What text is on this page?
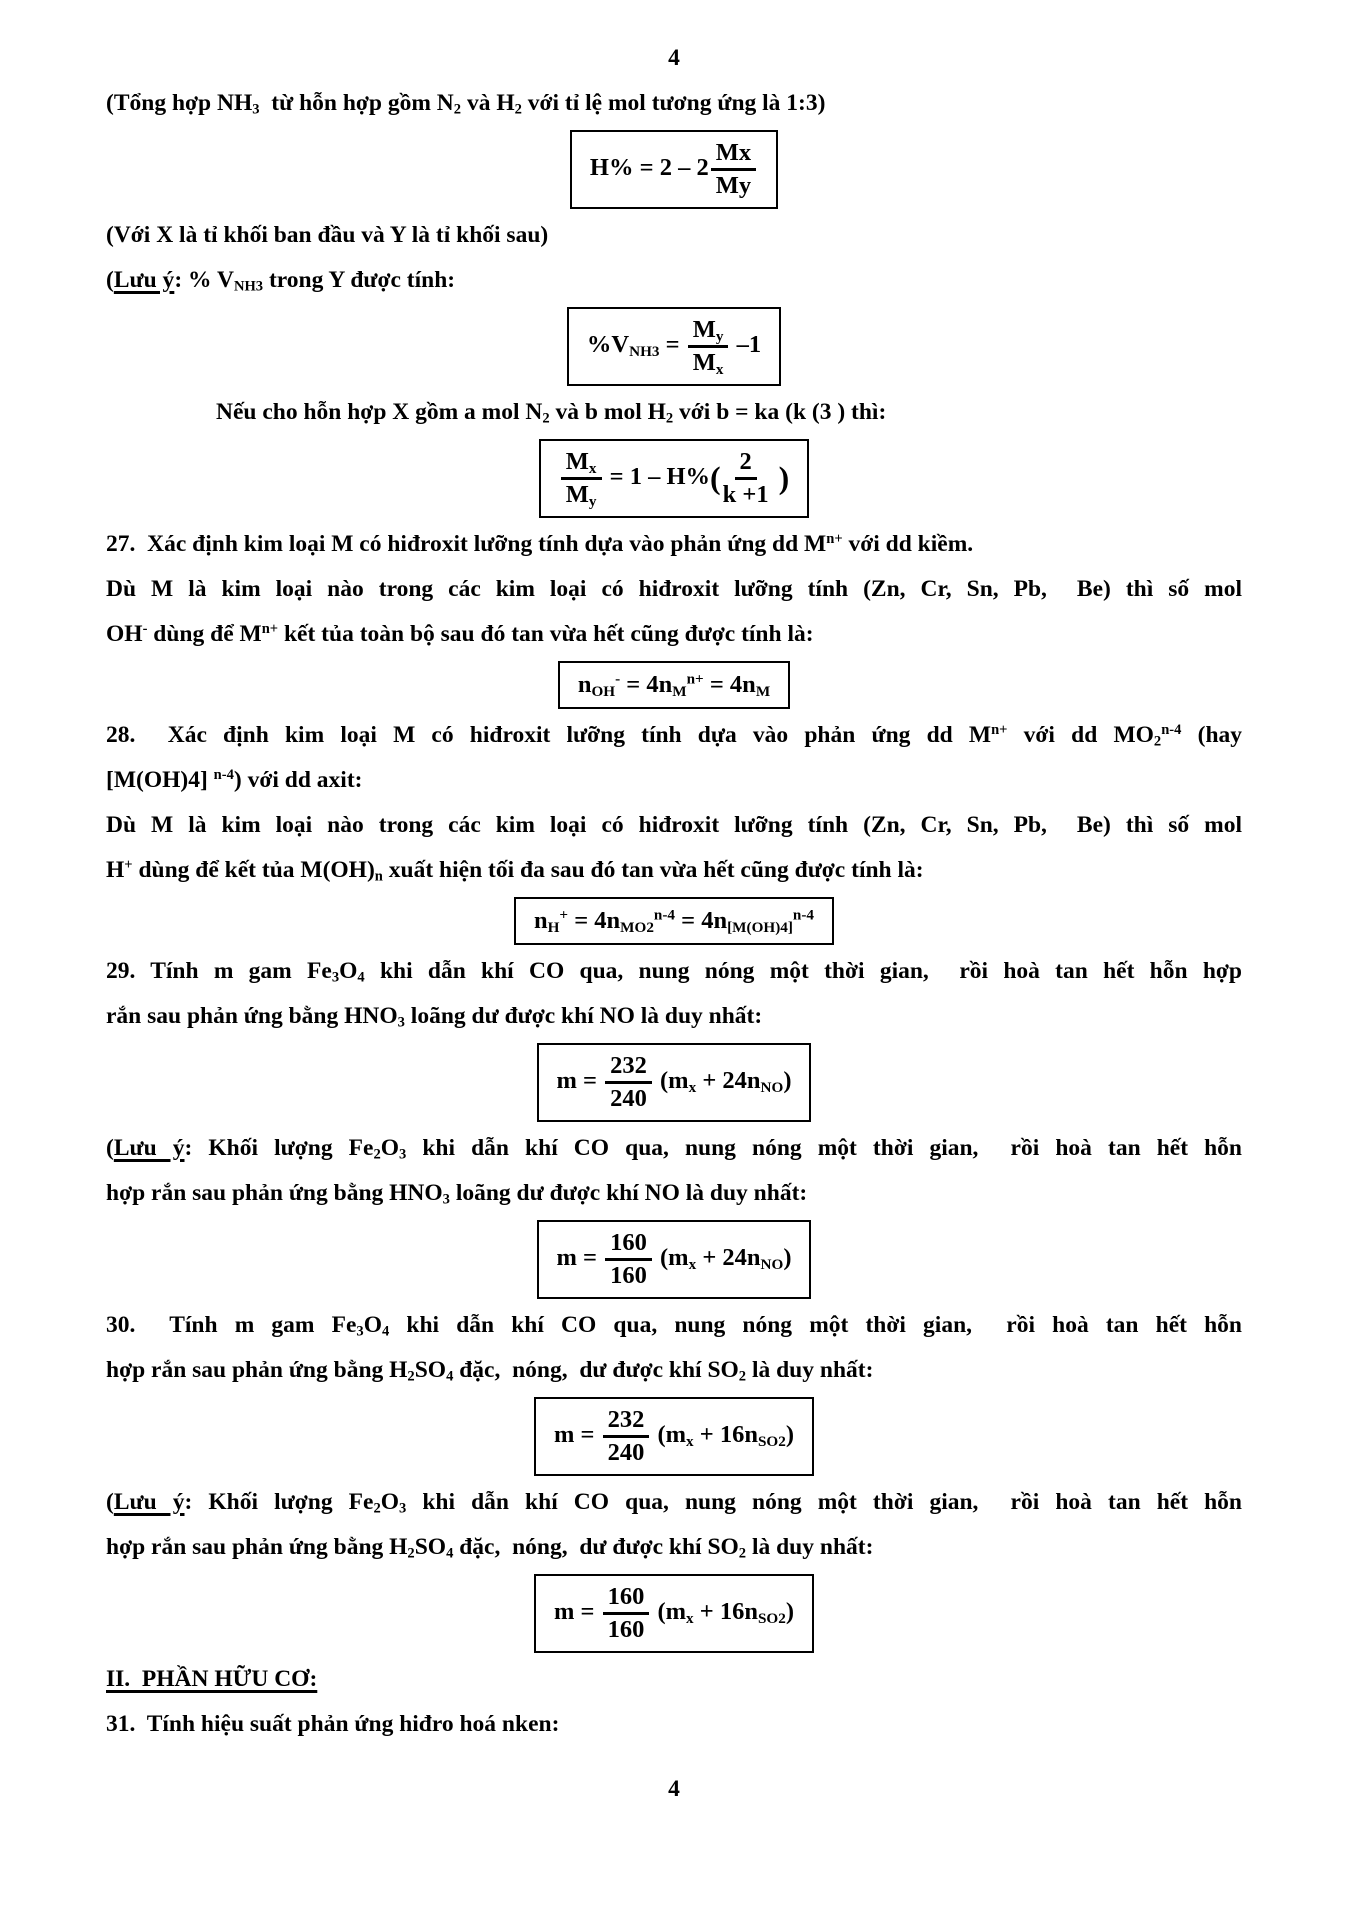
4
(Tổng hợp $NH_3$  từ hỗn hợp gồm $N_2$ và $H_2$ với tỉ lệ mol tương ứng là 1:3)
$H\% = 2 - 2 \frac{Mx}{My}$
(Với X là tỉ khối ban đầu và Y là tỉ khối sau)
(Lưu ý: % $V_{NH3}$ trong Y được tính:
$\%V_{NH3} = \frac{M_y}{M_x} -1$
Nếu cho hỗn hợp X gồm a mol $N_2$ và b mol $H_2$ với b = ka (k (3 ) thì:
$\frac{M_x}{M_y} = 1 - H\%( \frac{2}{k +1}$ )
27.  Xác định kim loại M có hiđroxit lưỡng tính dựa vào phản ứng dd $M^{n+}$ với dd kiềm.
Dù M là kim loại nào trong các kim loại có hiđroxit lưỡng tính (Zn, Cr, Sn, Pb,  Be) thì số mol
OH- dùng để $M^{n+}$ kết tủa toàn bộ sau đó tan vừa hết cũng được tính là:
$n_{OH}^- = 4n_M^{n+} = 4n_M$
28.  Xác định kim loại M có hiđroxit lưỡng tính dựa vào phản ứng dd $M^{n+}$ với dd $MO_2^{n-4}$ (hay
[M(OH)4] $^{n-4}$) với dd axit:
Dù M là kim loại nào trong các kim loại có hiđroxit lưỡng tính (Zn, Cr, Sn, Pb,  Be) thì số mol
H+ dùng để kết tủa $M(OH)_n$ xuất hiện tối đa sau đó tan vừa hết cũng được tính là:
$n_H^+ = 4n_{MO2}^{n-4} = 4n_{[M(OH)4]}^{n-4}$
29. Tính m gam $Fe_3O_4$ khi dẫn khí CO qua, nung nóng một thời gian,  rồi hoà tan hết hỗn hợp
rắn sau phản ứng bằng $HNO_3$ loãng dư được khí NO là duy nhất:
$m = \frac{232}{240} (m_x + 24n_{NO})$
(Lưu ý: Khối lượng $Fe_2O_3$ khi dẫn khí CO qua, nung nóng một thời gian,  rồi hoà tan hết hỗn
hợp rắn sau phản ứng bằng $HNO_3$ loãng dư được khí NO là duy nhất:
$m = \frac{160}{160} (m_x + 24n_{NO})$
30.  Tính m gam $Fe_3O_4$ khi dẫn khí CO qua, nung nóng một thời gian,  rồi hoà tan hết hỗn
hợp rắn sau phản ứng bằng $H_2SO_4$ đặc,  nóng,  dư được khí $SO_2$ là duy nhất:
$m = \frac{232}{240} (m_x + 16n_{SO2})$
(Lưu ý: Khối lượng $Fe_2O_3$ khi dẫn khí CO qua, nung nóng một thời gian,  rồi hoà tan hết hỗn
hợp rắn sau phản ứng bằng $H_2SO_4$ đặc,  nóng,  dư được khí $SO_2$ là duy nhất:
$m = \frac{160}{160} (m_x + 16n_{SO2})$
II.  PHẦN HỮU CƠ:
31.  Tính hiệu suất phản ứng hiđro hoá nken:
4
